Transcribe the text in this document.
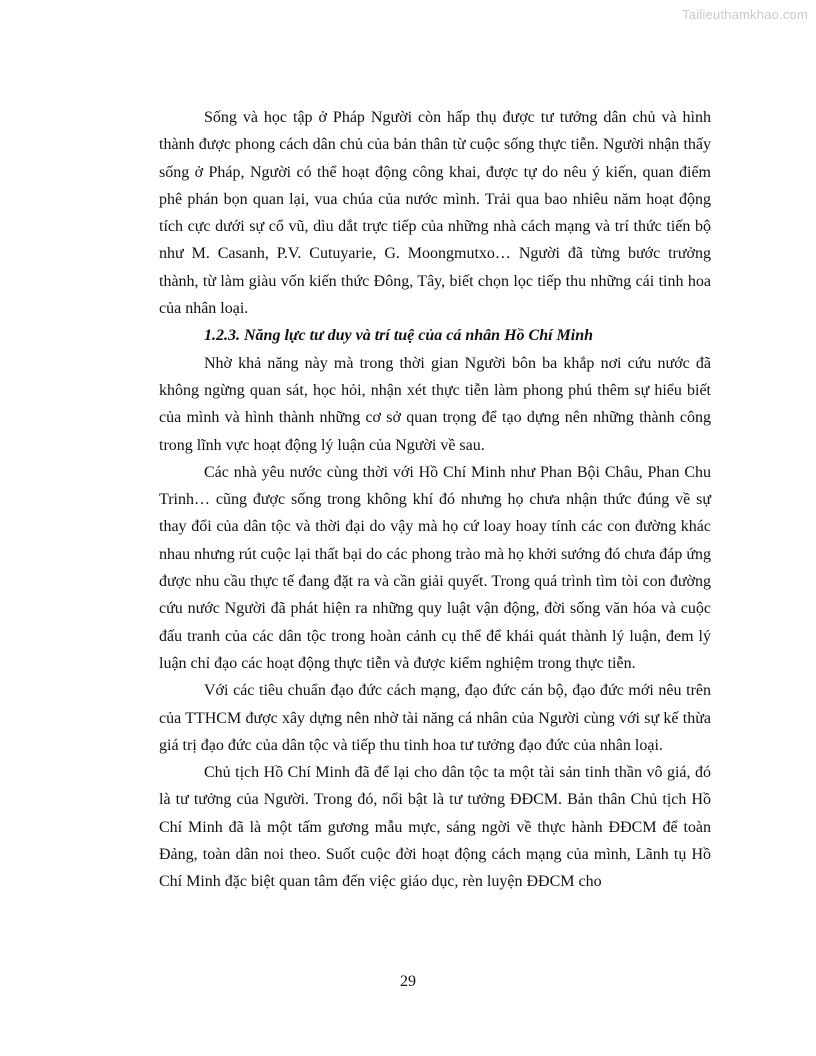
Tailieuthamkhao.com

Sống và học tập ở Pháp Người còn hấp thụ được tư tưởng dân chủ và hình thành được phong cách dân chủ của bản thân từ cuộc sống thực tiễn. Người nhận thấy sống ở Pháp, Người có thể hoạt động công khai, được tự do nêu ý kiến, quan điểm phê phán bọn quan lại, vua chúa của nước mình. Trải qua bao nhiêu năm hoạt động tích cực dưới sự cổ vũ, dìu dắt trực tiếp của những nhà cách mạng và trí thức tiến bộ như M. Casanh, P.V. Cutuyarie, G. Moongmutxo… Người đã từng bước trưởng thành, từ làm giàu vốn kiến thức Đông, Tây, biết chọn lọc tiếp thu những cái tinh hoa của nhân loại.

1.2.3. Năng lực tư duy và trí tuệ của cá nhân Hồ Chí Minh

Nhờ khả năng này mà trong thời gian Người bôn ba khắp nơi cứu nước đã không ngừng quan sát, học hỏi, nhận xét thực tiễn làm phong phú thêm sự hiểu biết của mình và hình thành những cơ sở quan trọng để tạo dựng nên những thành công trong lĩnh vực hoạt động lý luận của Người về sau.

Các nhà yêu nước cùng thời với Hồ Chí Minh như Phan Bội Châu, Phan Chu Trinh… cũng được sống trong không khí đó nhưng họ chưa nhận thức đúng về sự thay đổi của dân tộc và thời đại do vậy mà họ cứ loay hoay tính các con đường khác nhau nhưng rút cuộc lại thất bại do các phong trào mà họ khởi sướng đó chưa đáp ứng được nhu cầu thực tế đang đặt ra và cần giải quyết. Trong quá trình tìm tòi con đường cứu nước Người đã phát hiện ra những quy luật vận động, đời sống văn hóa và cuộc đấu tranh của các dân tộc trong hoàn cảnh cụ thể để khái quát thành lý luận, đem lý luận chỉ đạo các hoạt động thực tiễn và được kiểm nghiệm trong thực tiễn.

Với các tiêu chuẩn đạo đức cách mạng, đạo đức cán bộ, đạo đức mới nêu trên của TTHCM được xây dựng nên nhờ tài năng cá nhân của Người cùng với sự kế thừa giá trị đạo đức của dân tộc và tiếp thu tinh hoa tư tưởng đạo đức của nhân loại.

Chủ tịch Hồ Chí Minh đã để lại cho dân tộc ta một tài sản tinh thần vô giá, đó là tư tưởng của Người. Trong đó, nổi bật là tư tưởng ĐĐCM. Bản thân Chủ tịch Hồ Chí Minh đã là một tấm gương mẫu mực, sáng ngời về thực hành ĐĐCM để toàn Đảng, toàn dân noi theo. Suốt cuộc đời hoạt động cách mạng của mình, Lãnh tụ Hồ Chí Minh đặc biệt quan tâm đến việc giáo dục, rèn luyện ĐĐCM cho

29
